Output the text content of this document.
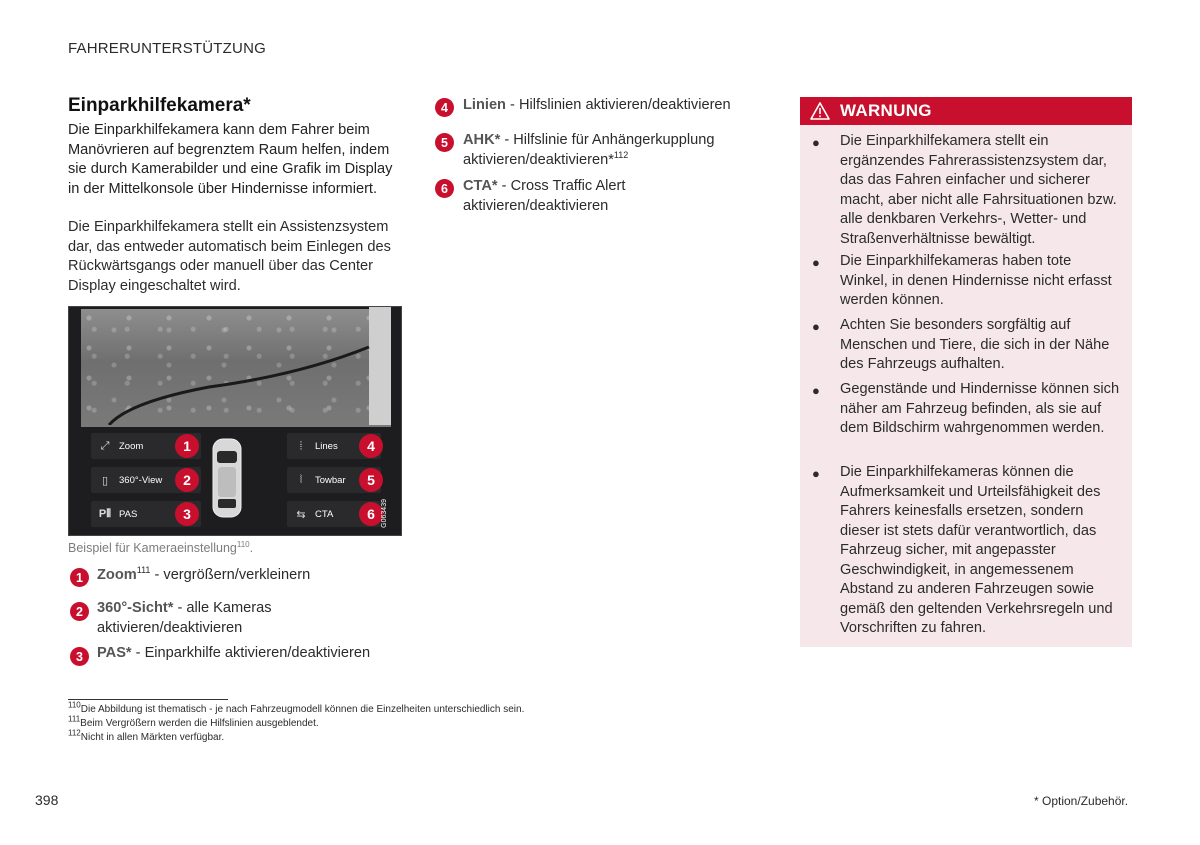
FAHRERUNTERSTÜTZUNG
Einparkhilfekamera*
Die Einparkhilfekamera kann dem Fahrer beim Manövrieren auf begrenztem Raum helfen, indem sie durch Kamerabilder und eine Grafik im Display in der Mittelkonsole über Hindernisse informiert.
Die Einparkhilfekamera stellt ein Assistenzsystem dar, das entweder automatisch beim Einlegen des Rückwärtsgangs oder manuell über das Center Display eingeschaltet wird.
⤢	Zoom	1
▯	360°-View	2
P⦀ PAS	3
⦙	Lines	4
⦚	Towbar	5
⇆ CTA	6 G063439
Beispiel für Kameraeinstellung$^{110}$.
1 Zoom$^{111}$ - vergrößern/verkleinern
2 360°-Sicht* - alle Kameras aktivieren/deaktivieren
3 PAS* - Einparkhilfe aktivieren/deaktivieren
4	Linien - Hilfslinien aktivieren/deaktivieren
5	AHK* - Hilfslinie für Anhängerkupplung aktivieren/deaktivieren*$^{112}$
6	CTA* - Cross Traffic Alert aktivieren/deaktivieren
WARNUNG
● Die Einparkhilfekamera stellt ein ergänzendes Fahrerassistenzsystem dar, das das Fahren einfacher und sicherer macht, aber nicht alle Fahrsituationen bzw. alle denkbaren Verkehrs-, Wetter- und Straßenverhältnisse bewältigt.
● Die Einparkhilfekameras haben tote Winkel, in denen Hindernisse nicht erfasst werden können.
● Achten Sie besonders sorgfältig auf Menschen und Tiere, die sich in der Nähe des Fahrzeugs aufhalten.
● Gegenstände und Hindernisse können sich näher am Fahrzeug befinden, als sie auf dem Bildschirm wahrgenommen werden.
● Die Einparkhilfekameras können die Aufmerksamkeit und Urteilsfähigkeit des Fahrers keinesfalls ersetzen, sondern dieser ist stets dafür verantwortlich, das Fahrzeug sicher, mit angepasster Geschwindigkeit, in angemessenem Abstand zu anderen Fahrzeugen sowie gemäß den geltenden Verkehrsregeln und Vorschriften zu fahren.
$^{110}$Die Abbildung ist thematisch - je nach Fahrzeugmodell können die Einzelheiten unterschiedlich sein.
$^{111}$Beim Vergrößern werden die Hilfslinien ausgeblendet.
$^{112}$Nicht in allen Märkten verfügbar.
398	* Option/Zubehör.
